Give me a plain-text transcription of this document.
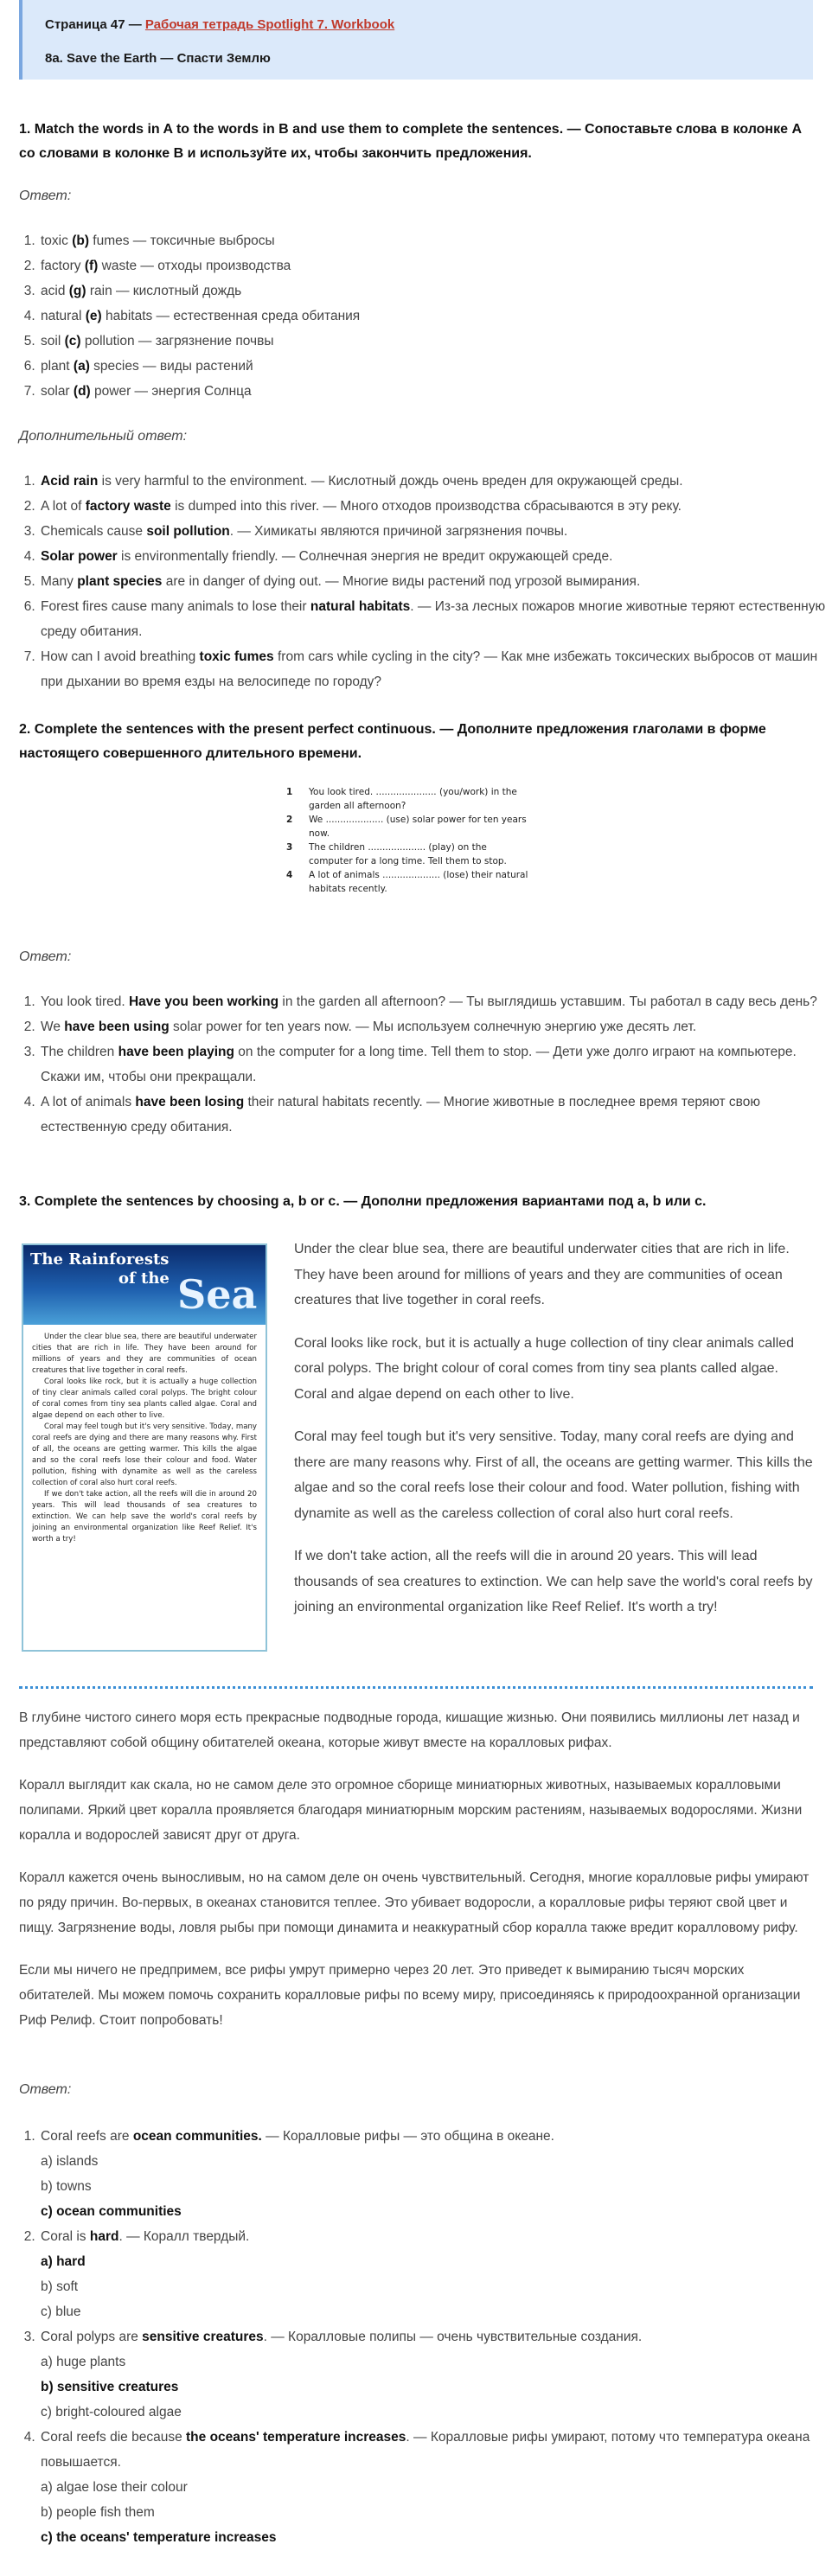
Страница 47 — Рабочая тетрадь Spotlight 7. Workbook
8a. Save the Earth — Спасти Землю
1. Match the words in A to the words in B and use them to complete the sentences. — Сопоставьте слова в колонке А со словами в колонке В и используйте их, чтобы закончить предложения.

Ответ:

1. toxic (b) fumes — токсичные выбросы
2. factory (f) waste — отходы производства
3. acid (g) rain — кислотный дождь
4. natural (e) habitats — естественная среда обитания
5. soil (c) pollution — загрязнение почвы
6. plant (a) species — виды растений
7. solar (d) power — энергия Солнца

Дополнительный ответ:

1. Acid rain is very harmful to the environment. — Кислотный дождь очень вреден для окружающей среды.
2. A lot of factory waste is dumped into this river. — Много отходов производства сбрасываются в эту реку.
3. Chemicals cause soil pollution. — Химикаты являются причиной загрязнения почвы.
4. Solar power is environmentally friendly. — Солнечная энергия не вредит окружающей среде.
5. Many plant species are in danger of dying out. — Многие виды растений под угрозой вымирания.
6. Forest fires cause many animals to lose their natural habitats. — Из-за лесных пожаров многие животные теряют естественную среду обитания.
7. How can I avoid breathing toxic fumes from cars while cycling in the city? — Как мне избежать токсических выбросов от машин при дыхании во время езды на велосипеде по городу?
2. Complete the sentences with the present perfect continuous. — Дополните предложения глаголами в форме настоящего совершенного длительного времени.
1	You look tired. ..................... (you/work) in the garden all afternoon?
2	We .................... (use) solar power for ten years now.
3	The children .................... (play) on the computer for a long time. Tell them to stop.
4	A lot of animals .................... (lose) their natural habitats recently.

Ответ:

1. You look tired. Have you been working in the garden all afternoon? — Ты выглядишь уставшим. Ты работал в саду весь день?
2. We have been using solar power for ten years now. — Мы используем солнечную энергию уже десять лет.
3. The children have been playing on the computer for a long time. Tell them to stop. — Дети уже долго играют на компьютере. Скажи им, чтобы они прекращали.
4. A lot of animals have been losing their natural habitats recently. — Многие животные в последнее время теряют свою естественную среду обитания.
3. Complete the sentences by choosing a, b or c. — Дополни предложения вариантами под a, b или c.
The Rainforests
of the Sea

Under the clear blue sea, there are beautiful underwater cities that are rich in life. They have been around for millions of years and they are communities of ocean creatures that live together in coral reefs.

Coral looks like rock, but it is actually a huge collection of tiny clear animals called coral polyps. The bright colour of coral comes from tiny sea plants called algae. Coral and algae depend on each other to live.

Coral may feel tough but it's very sensitive. Today, many coral reefs are dying and there are many reasons why. First of all, the oceans are getting warmer. This kills the algae and so the coral reefs lose their colour and food. Water pollution, fishing with dynamite as well as the careless collection of coral also hurt coral reefs.

If we don't take action, all the reefs will die in around 20 years. This will lead thousands of sea creatures to extinction. We can help save the world's coral reefs by joining an environmental organization like Reef Relief. It's worth a try!

Under the clear blue sea, there are beautiful underwater cities that are rich in life. They have been around for millions of years and they are communities of ocean creatures that live together in coral reefs.

Coral looks like rock, but it is actually a huge collection of tiny clear animals called coral polyps. The bright colour of coral comes from tiny sea plants called algae. Coral and algae depend on each other to live.

Coral may feel tough but it's very sensitive. Today, many coral reefs are dying and there are many reasons why. First of all, the oceans are getting warmer. This kills the algae and so the coral reefs lose their colour and food. Water pollution, fishing with dynamite as well as the careless collection of coral also hurt coral reefs.

If we don't take action, all the reefs will die in around 20 years. This will lead thousands of sea creatures to extinction. We can help save the world's coral reefs by joining an environmental organization like Reef Relief. It's worth a try!

В глубине чистого синего моря есть прекрасные подводные города, кишащие жизнью. Они появились миллионы лет назад и представляют собой общину обитателей океана, которые живут вместе на коралловых рифах.

Коралл выглядит как скала, но не самом деле это огромное сборище миниатюрных животных, называемых коралловыми полипами. Яркий цвет коралла проявляется благодаря миниатюрным морским растениям, называемых водорослями. Жизни коралла и водорослей зависят друг от друга.

Коралл кажется очень выносливым, но на самом деле он очень чувствительный. Сегодня, многие коралловые рифы умирают по ряду причин. Во-первых, в океанах становится теплее. Это убивает водоросли, а коралловые рифы теряют свой цвет и пищу. Загрязнение воды, ловля рыбы при помощи динамита и неаккуратный сбор коралла также вредит коралловому рифу.

Если мы ничего не предпримем, все рифы умрут примерно через 20 лет. Это приведет к вымиранию тысяч морских обитателей. Мы можем помочь сохранить коралловые рифы по всему миру, присоединяясь к природоохранной организации Риф Релиф. Стоит попробовать!

Ответ:

1. Coral reefs are ocean communities. — Коралловые рифы — это община в океане.
a) islands
b) towns
c) ocean communities
2. Coral is hard. — Коралл твердый.
a) hard
b) soft
c) blue
3. Coral polyps are sensitive creatures. — Коралловые полипы — очень чувствительные создания.
a) huge plants
b) sensitive creatures
c) bright-coloured algae
4. Coral reefs die because the oceans' temperature increases. — Коралловые рифы умирают, потому что температура океана повышается.
a) algae lose their colour
b) people fish them
c) the oceans' temperature increases
